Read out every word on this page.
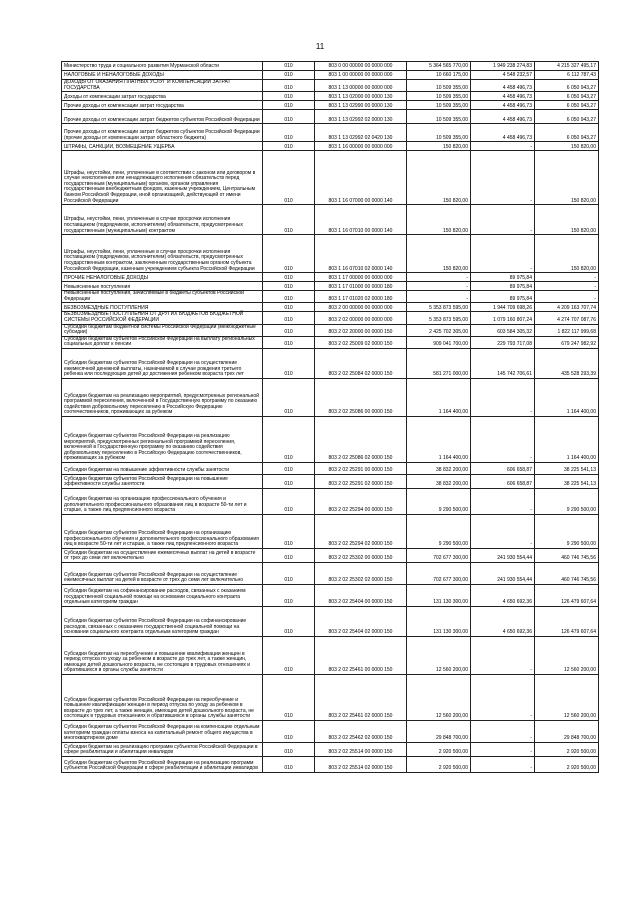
11
Министерство труда и социального развития Мурманской области	010	803 0 00 00000 00 0000 000	5 364 565 770,00	1 949 238 274,83	4 215 327 495,17
НАЛОГОВЫЕ И НЕНАЛОГОВЫЕ ДОХОДЫ	010	803 1 00 00000 00 0000 000	10 660 175,00	4 548 232,57	6 112 787,43
ДОХОДЫ ОТ ОКАЗАНИЯ ПЛАТНЫХ УСЛУГ И КОМПЕНСАЦИИ ЗАТРАТ ГОСУДАРСТВА	010	803 1 13 00000 00 0000 000	10 509 355,00	4 458 496,73	6 050 943,27
Доходы от компенсации затрат государства	010	803 1 13 02000 00 0000 130	10 509 355,00	4 458 496,73	6 050 943,27
Прочие доходы от компенсации затрат государства	010	803 1 13 02990 00 0000 130	10 509 355,00	4 458 496,73	6 050 943,27
Прочие доходы от компенсации затрат бюджетов субъектов Российской Федерации	010	803 1 13 02992 02 0000 130	10 509 355,00	4 458 496,73	6 050 943,27
Прочие доходы от компенсации затрат бюджетов субъектов Российской Федерации (прочие доходы от компенсации затрат областного бюджета)	010	803 1 13 02992 02 0420 130	10 509 355,00	4 458 496,73	6 050 943,27
ШТРАФЫ, САНКЦИИ, ВОЗМЕЩЕНИЕ УЩЕРБА	010	803 1 16 00000 00 0000 000	150 820,00	-	150 820,00
Штрафы, неустойки, пени, уплаченные в соответствии с законом или договором в случае неисполнения или ненадлежащего исполнения обязательств перед государственным (муниципальным) органом, органом управления государственным внебюджетным фондом, казенным учреждением, Центральным банком Российской Федерации, иной организацией, действующей от имени Российской Федерации	010	803 1 16 07000 00 0000 140	150 820,00	-	150 820,00
Штрафы, неустойки, пени, уплаченные в случае просрочки исполнения поставщиком (подрядчиком, исполнителем) обязательств, предусмотренных государственным (муниципальным) контрактом	010	803 1 16 07010 00 0000 140	150 820,00	-	150 820,00
Штрафы, неустойки, пени, уплаченные в случае просрочки исполнения поставщиком (подрядчиком, исполнителем) обязательств, предусмотренных государственным контрактом, заключенным государственным органом субъекта Российской Федерации, казенным учреждением субъекта Российской Федерации	010	803 1 16 07010 02 0000 140	150 820,00	-	150 820,00
ПРОЧИЕ НЕНАЛОГОВЫЕ ДОХОДЫ	010	803 1 17 00000 00 0000 000	-	89 975,84	-
Невыясненные поступления	010	803 1 17 01000 00 0000 180	-	89 975,84	-
Невыясненные поступления, зачисляемые в бюджеты субъектов Российской Федерации	010	803 1 17 01020 02 0000 180	-	89 975,84	-
БЕЗВОЗМЕЗДНЫЕ ПОСТУПЛЕНИЯ	010	803 2 00 00000 00 0000 000	5 353 873 595,00	1 944 709 698,26	4 209 163 707,74
БЕЗВОЗМЕЗДНЫЕ ПОСТУПЛЕНИЯ ОТ ДРУГИХ БЮДЖЕТОВ БЮДЖЕТНОЙ СИСТЕМЫ РОССИЙСКОЙ ФЕДЕРАЦИИ	010	803 2 02 00000 00 0000 000	5 353 873 595,00	1 079 160 807,24	4 274 707 087,76
Субсидии бюджетам бюджетной системы Российской Федерации (межбюджетные субсидии)	010	803 2 02 20000 00 0000 150	2 425 702 305,00	603 584 305,32	1 822 117 999,68
Субсидии бюджетам субъектов Российской Федерации на выплату региональных социальных доплат к пенсии	010	803 2 02 25009 02 0000 150	909 041 700,00	229 793 717,08	679 247 982,92
Субсидии бюджетам субъектов Российской Федерации на осуществление ежемесячной денежной выплаты, назначаемой в случае рождения третьего ребенка или последующих детей до достижения ребенком возраста трех лет	010	803 2 02 25084 02 0000 150	581 271 000,00	145 742 706,61	435 528 293,39
Субсидии бюджетам на реализацию мероприятий, предусмотренных региональной программой переселения, включенной в Государственную программу по оказанию содействия добровольному переселению в Российскую Федерацию соотечественников, проживающих за рубежом	010	803 2 02 25086 00 0000 150	1 164 400,00	-	1 164 400,00
Субсидии бюджетам субъектов Российской Федерации на реализацию мероприятий, предусмотренных региональной программой переселения, включенной в Государственную программу по оказанию содействия добровольному переселению в Российскую Федерацию соотечественников, проживающих за рубежом	010	803 2 02 25086 02 0000 150	1 164 400,00	-	1 164 400,00
Субсидии бюджетам на повышение эффективности службы занятости	010	803 2 02 25291 00 0000 150	38 832 200,00	606 658,87	38 225 541,13
Субсидии бюджетам субъектов Российской Федерации на повышение эффективности службы занятости	010	803 2 02 25291 02 0000 150	38 832 200,00	606 658,87	38 225 541,13
Субсидии бюджетам на организацию профессионального обучения и дополнительного профессионального образования лиц в возрасте 50-ти лет и старше, а также лиц предпенсионного возраста	010	803 2 02 25294 00 0000 150	9 290 500,00	-	9 290 500,00
Субсидии бюджетам субъектов Российской Федерации на организацию профессионального обучения и дополнительного профессионального образования лиц в возрасте 50-ти лет и старше, а также лиц предпенсионного возраста	010	803 2 02 25294 02 0000 150	9 290 500,00	-	9 290 500,00
Субсидии бюджетам на осуществление ежемесячных выплат на детей в возрасте от трех до семи лет включительно	010	803 2 02 25302 00 0000 150	702 677 300,00	241 930 554,44	460 746 745,56
Субсидии бюджетам субъектов Российской Федерации на осуществление ежемесячных выплат на детей в возрасте от трех до семи лет включительно	010	803 2 02 25302 02 0000 150	702 677 300,00	241 930 554,44	460 746 745,56
Субсидии бюджетам на софинансирование расходов, связанных с оказанием государственной социальной помощи на основании социального контракта отдельным категориям граждан	010	803 2 02 25404 00 0000 150	131 130 300,00	4 650 692,36	126 479 607,64
Субсидии бюджетам субъектов Российской Федерации на софинансирование расходов, связанных с оказанием государственной социальной помощи на основании социального контракта отдельным категориям граждан	010	803 2 02 25404 02 0000 150	131 130 300,00	4 650 692,36	126 479 607,64
Субсидии бюджетам на переобучение и повышение квалификации женщин в период отпуска по уходу за ребенком в возрасте до трех лет, а также женщин, имеющих детей дошкольного возраста, не состоящих в трудовых отношениях и обратившихся в органы службы занятости	010	803 2 02 25461 00 0000 150	12 560 200,00	-	12 560 200,00
Субсидии бюджетам субъектов Российской Федерации на переобучение и повышение квалификации женщин в период отпуска по уходу за ребенком в возрасте до трех лет, а также женщин, имеющих детей дошкольного возраста, не состоящих в трудовых отношениях и обратившихся в органы службы занятости	010	803 2 02 25461 02 0000 150	12 560 200,00	-	12 560 200,00
Субсидии бюджетам субъектов Российской Федерации на компенсацию отдельным категориям граждан оплаты взноса на капитальный ремонт общего имущества в многоквартирном доме	010	803 2 02 25462 02 0000 150	29 848 700,00	-	29 848 700,00
Субсидии бюджетам на реализацию программ субъектов Российской Федерации в сфере реабилитации и абилитации инвалидов	010	803 2 02 25514 00 0000 150	2 920 500,00	-	2 920 500,00
Субсидии бюджетам субъектов Российской Федерации на реализацию программ субъектов Российской Федерации в сфере реабилитации и абилитации инвалидов	010	803 2 02 25514 02 0000 150	2 920 500,00	-	2 920 500,00
